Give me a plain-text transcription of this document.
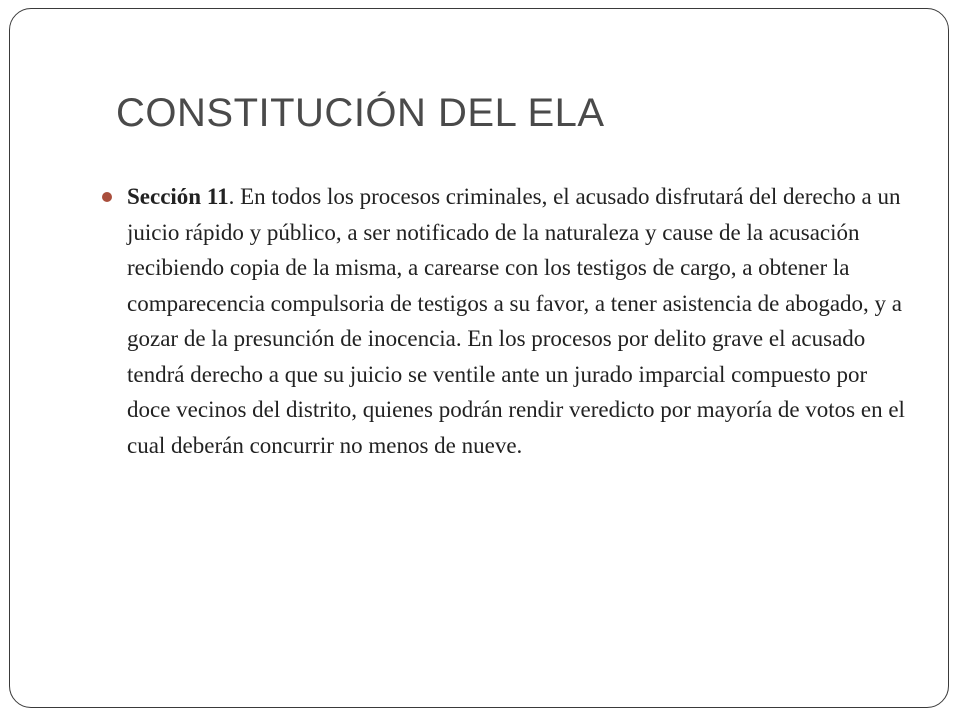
CONSTITUCIÓN DEL ELA
Sección 11. En todos los procesos criminales, el acusado disfrutará del derecho a un juicio rápido y público, a ser notificado de la naturaleza y cause de la acusación recibiendo copia de la misma, a carearse con los testigos de cargo, a obtener la comparecencia compulsoria de testigos a su favor, a tener asistencia de abogado, y a gozar de la presunción de inocencia. En los procesos por delito grave el acusado tendrá derecho a que su juicio se ventile ante un jurado imparcial compuesto por doce vecinos del distrito, quienes podrán rendir veredicto por mayoría de votos en el cual deberán concurrir no menos de nueve.
